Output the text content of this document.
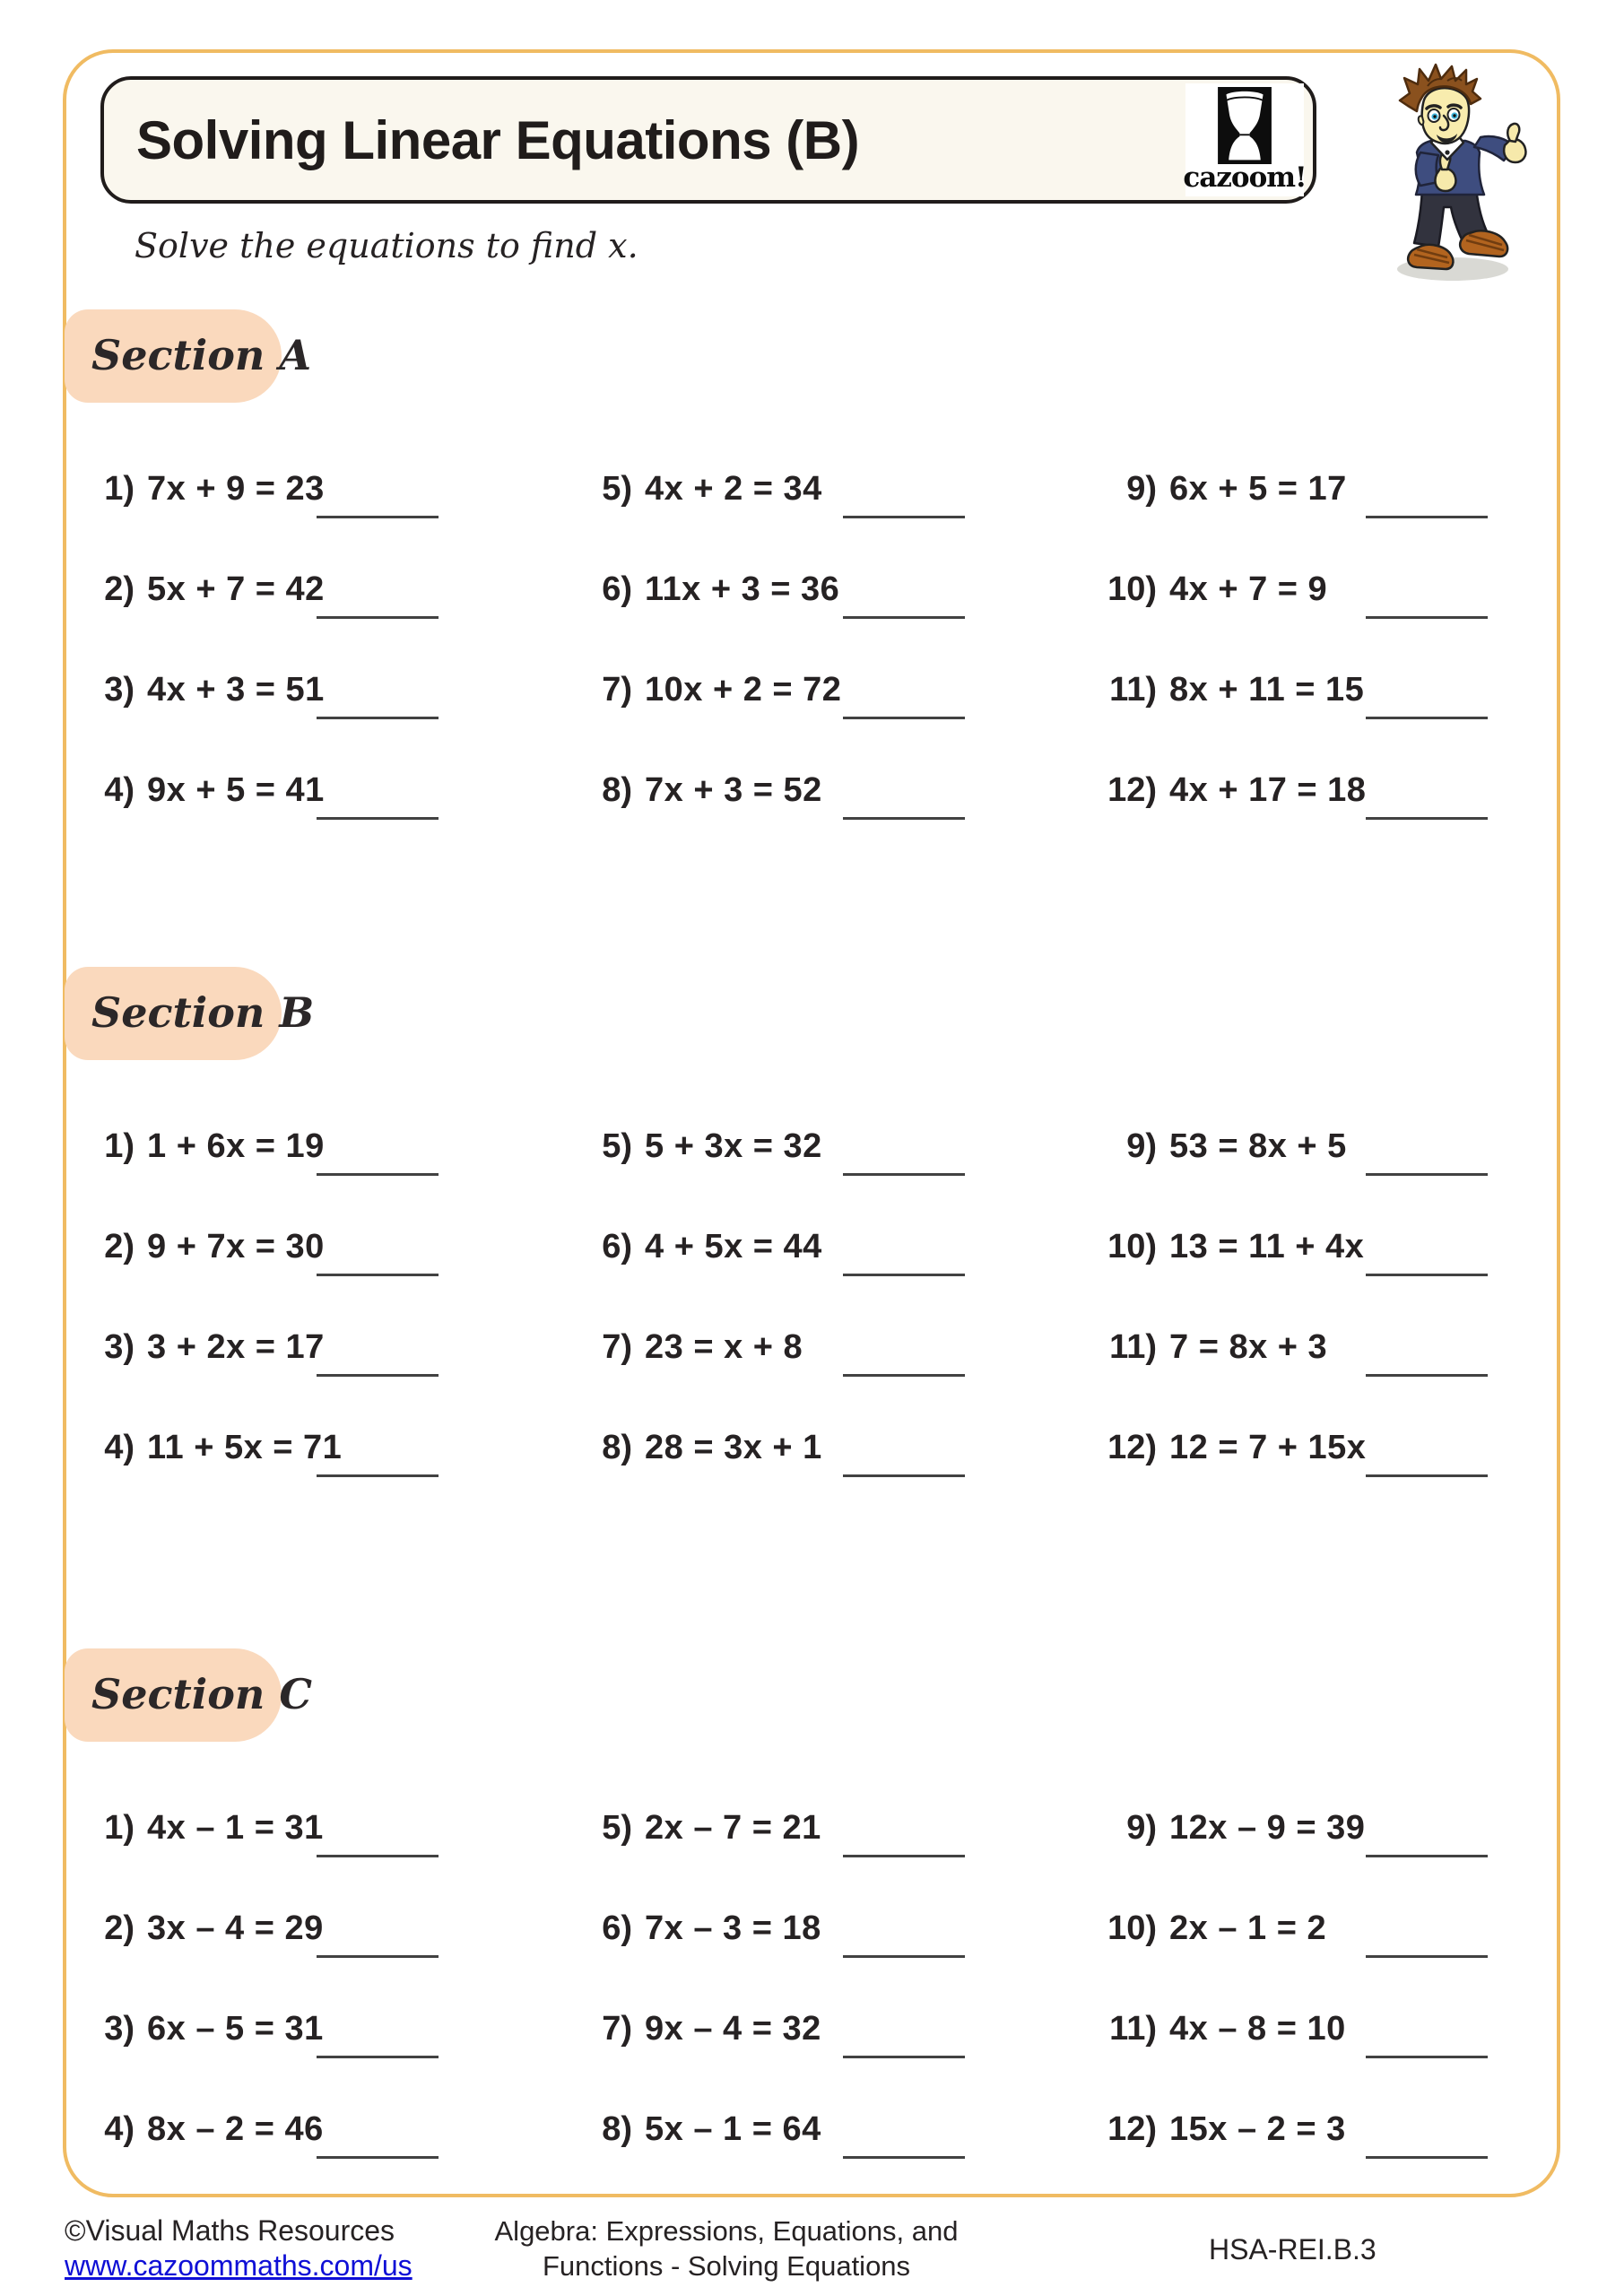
Solving Linear Equations (B)
cazoom!
Solve the equations to find x.
Section A
1) 7x + 9 = 23	5) 4x + 2 = 34	9) 6x + 5 = 17
2) 5x + 7 = 42	6) 11x + 3 = 36	10) 4x + 7 = 9
3) 4x + 3 = 51	7) 10x + 2 = 72	11) 8x + 11 = 15
4) 9x + 5 = 41	8) 7x + 3 = 52	12) 4x + 17 = 18
Section B
1) 1 + 6x = 19	5) 5 + 3x = 32	9) 53 = 8x + 5
2) 9 + 7x = 30	6) 4 + 5x = 44	10) 13 = 11 + 4x
3) 3 + 2x = 17	7) 23 = x + 8	11) 7 = 8x + 3
4) 11 + 5x = 71	8) 28 = 3x + 1	12) 12 = 7 + 15x
Section C
1) 4x – 1 = 31	5) 2x – 7 = 21	9) 12x – 9 = 39
2) 3x – 4 = 29	6) 7x – 3 = 18	10) 2x – 1 = 2
3) 6x – 5 = 31	7) 9x – 4 = 32	11) 4x – 8 = 10
4) 8x – 2 = 46	8) 5x – 1 = 64	12) 15x – 2 = 3
©Visual Maths Resources
www.cazoommaths.com/us
Algebra: Expressions, Equations, and
Functions - Solving Equations
HSA-REI.B.3
